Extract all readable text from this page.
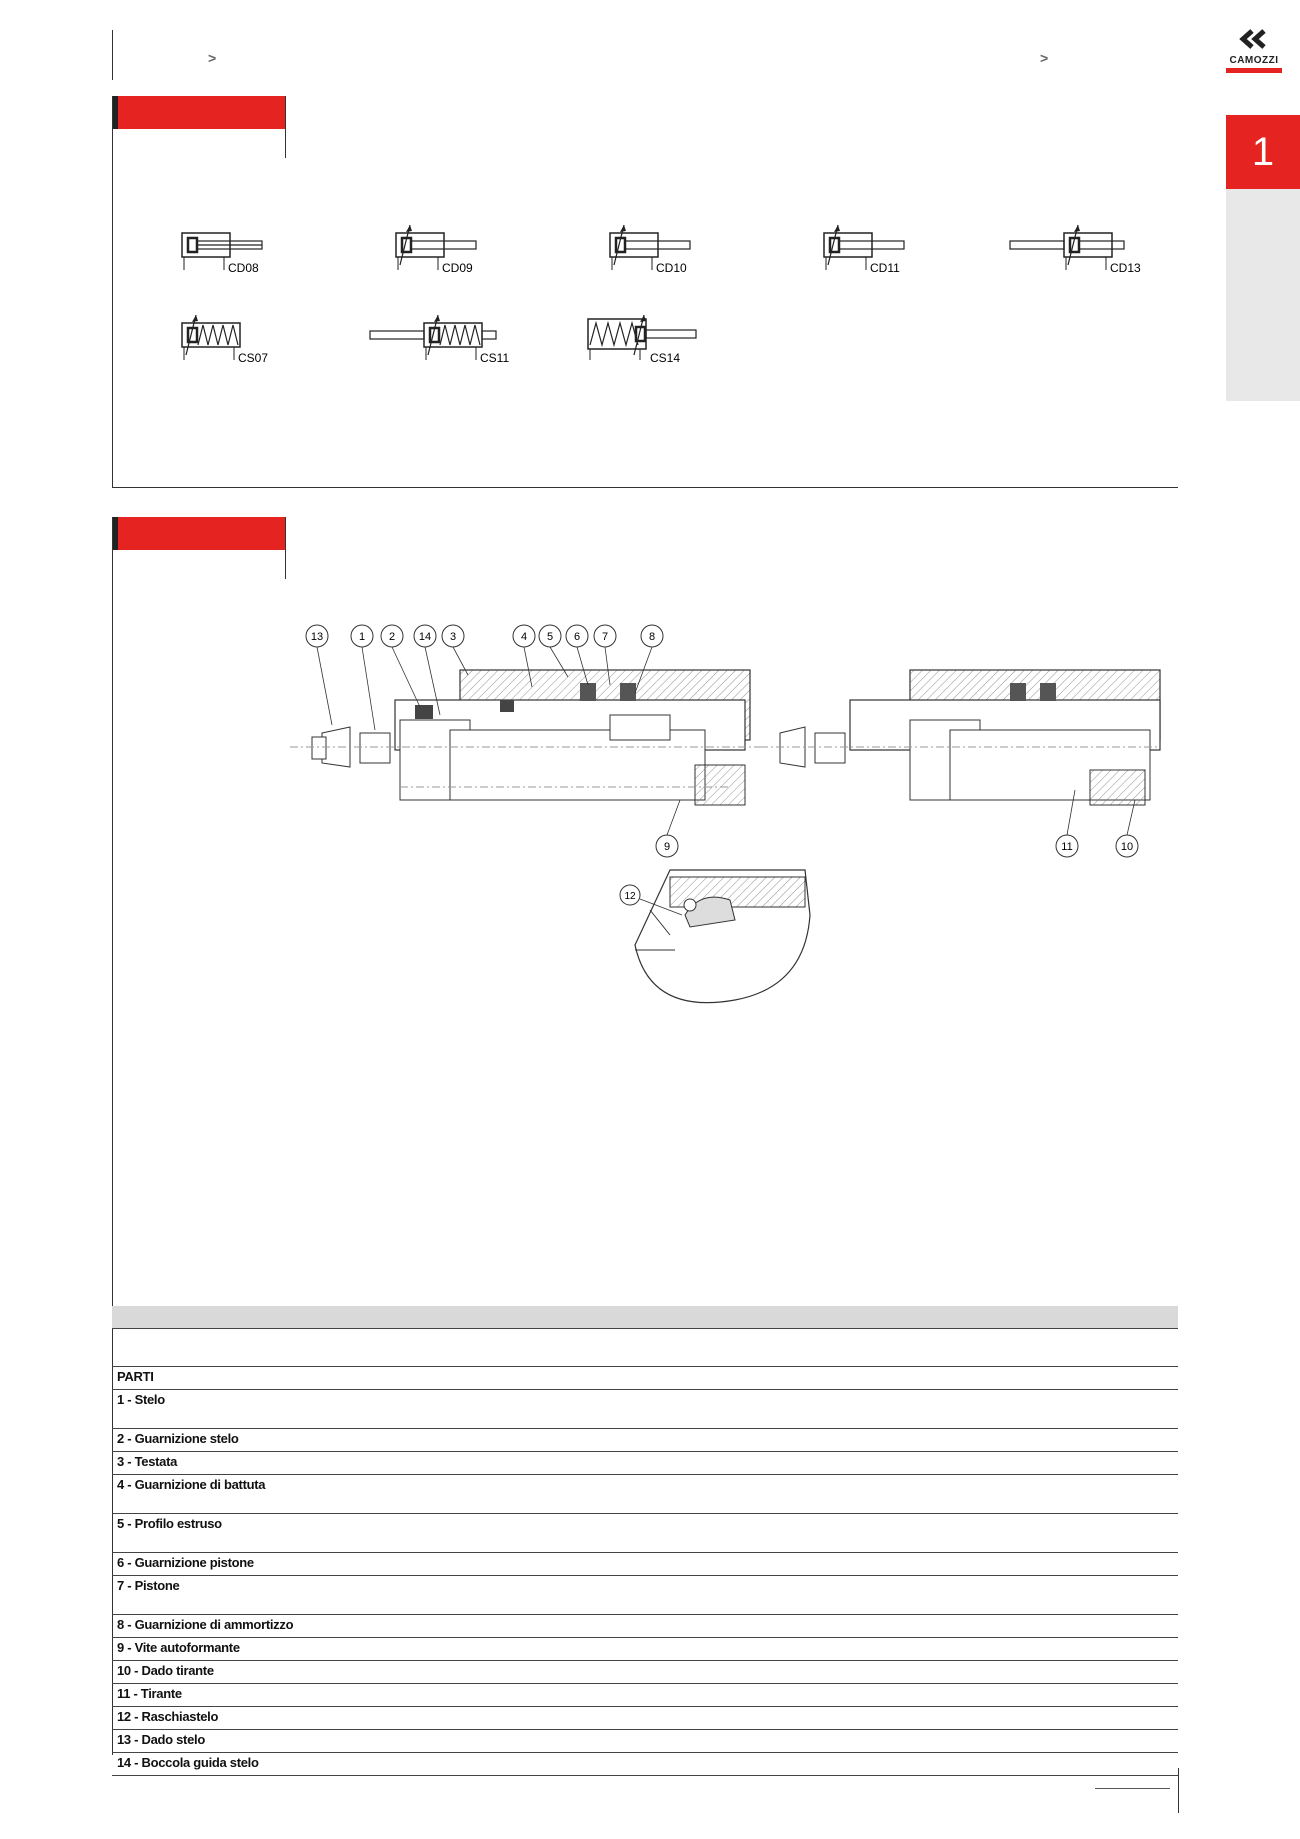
>	>	CAMOZZI
1
CD08	CD09	CD10	CD11	CD13
CS07	CS11	CS14
13	1 2 14 3	4 5 6 7	8
9	11	10
12

PARTI
1 - Stelo
2 - Guarnizione stelo
3 - Testata
4 - Guarnizione di battuta
5 - Profilo estruso
6 - Guarnizione pistone
7 - Pistone
8 - Guarnizione di ammortizzo
9 - Vite autoformante
10 - Dado tirante
11 - Tirante
12 - Raschiastelo
13 - Dado stelo
14 - Boccola guida stelo
